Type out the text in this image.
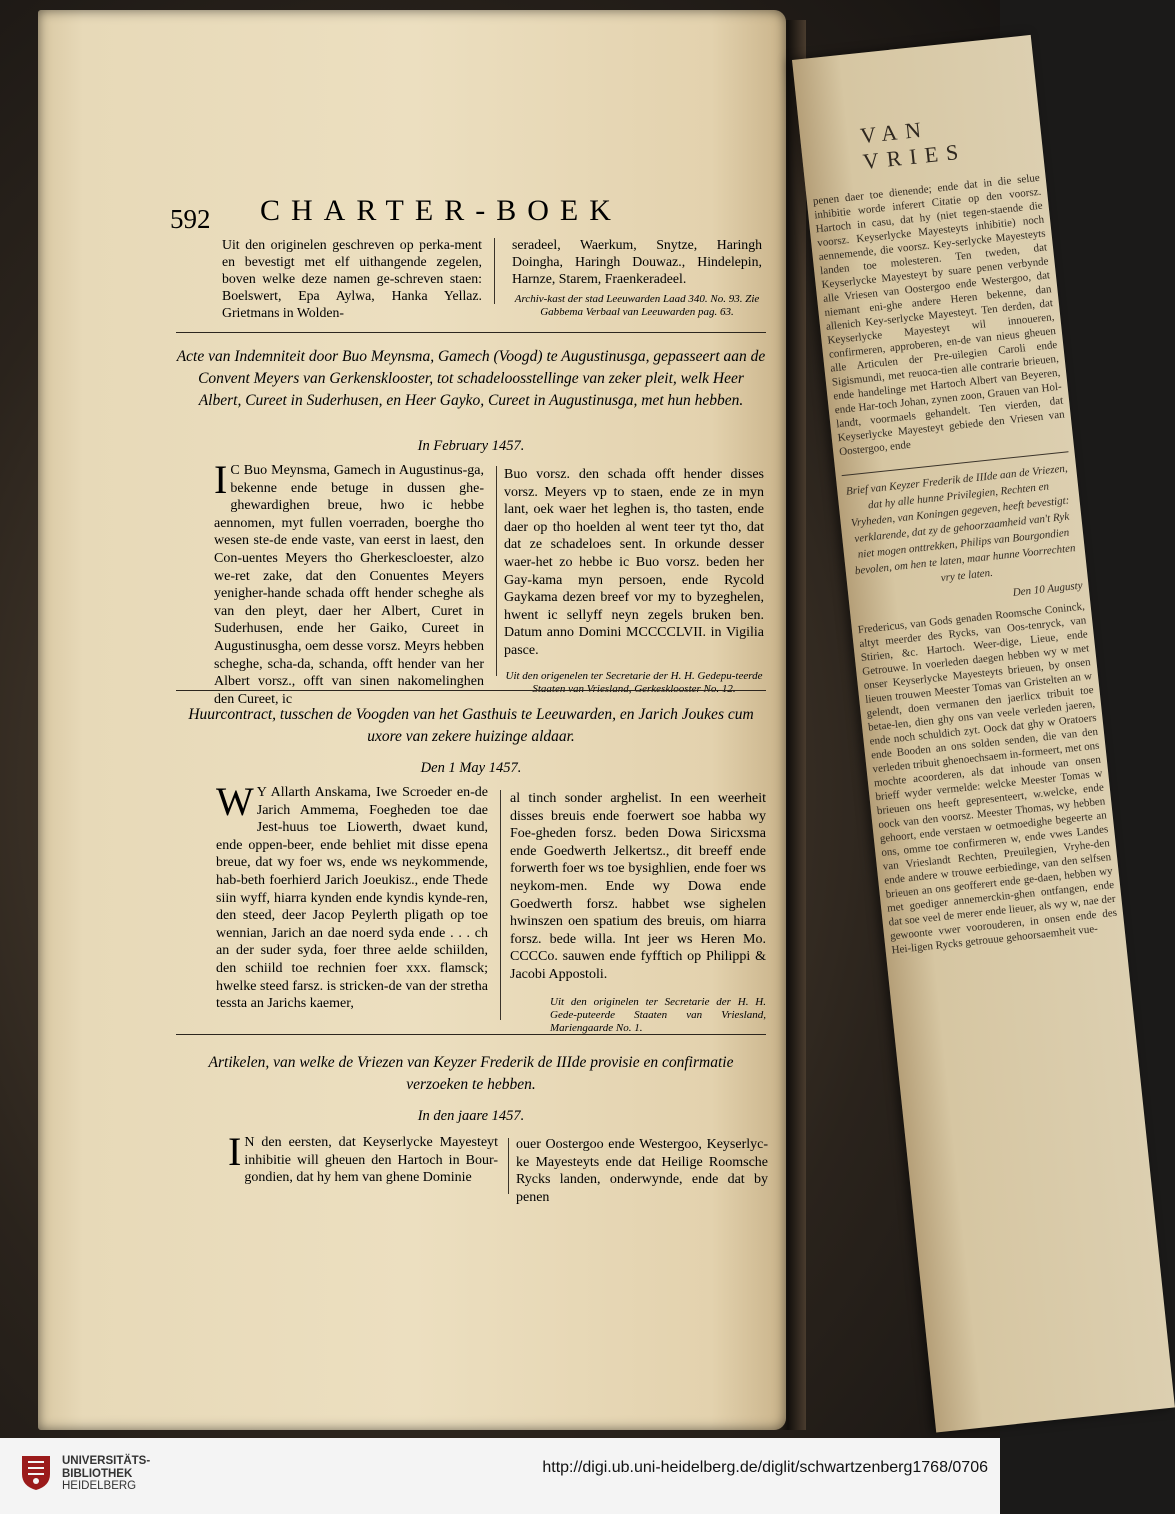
592 CHARTER-BOEK
Uit den originelen geschreven op perka-ment en bevestigt met elf uithangende zegelen, boven welke deze namen ge-schreven staen: Boelswert, Epa Aylwa, Hanka Yellaz. Grietmans in Wolden-
seradeel, Waerkum, Snytze, Haringh Doingha, Haringh Douwaz., Hindelepin, Harnze, Starem, Fraenkeradeel.
Archiv-kast der stad Leeuwarden Laad 340. No. 93. Zie Gabbema Verbaal van Leeuwarden pag. 63.
Acte van Indemniteit door Buo Meynsma, Gamech (Voogd) te Augustinusga, gepasseert aan de Convent Meyers van Gerkensklooster, tot schadeloosstellinge van zeker pleit, welk Heer Albert, Cureet in Suderhusen, en Heer Gayko, Cureet in Augustinusga, met hun hebben.
In February 1457.
I C Buo Meynsma, Gamech in Augustinus-ga, bekenne ende betuge in dussen ghe-ghewardighen breue, hwo ic hebbe aennomen, myt fullen voerraden, boerghe tho wesen ste-de ende vaste, van eerst in laest, den Con-uentes Meyers tho Gherkescloester, alzo we-ret zake, dat den Conuentes Meyers yenigher-hande schada offt hender scheghe als van den pleyt, daer her Albert, Curet in Suderhusen, ende her Gaiko, Cureet in Augustinusgha, oem desse vorsz. Meyrs hebben scheghe, scha-da, schanda, offt hender van her Albert vorsz., offt van sinen nakomelinghen den Cureet, ic
Buo vorsz. den schada offt hender disses vorsz. Meyers vp to staen, ende ze in myn lant, oek waer het leghen is, tho tasten, ende daer op tho hoelden al went teer tyt tho, dat dat ze schadeloes sent. In orkunde desser waer-het zo hebbe ic Buo vorsz. beden her Gay-kama myn persoen, ende Rycold Gaykama dezen breef vor my to byzeghelen, hwent ic sellyff neyn zegels bruken ben. Datum anno Domini MCCCCLVII. in Vigilia pasce.
Uit den origenelen ter Secretarie der H. H. Gedepu-teerde Staaten van Vriesland, Gerkesklooster No. 12.
Huurcontract, tusschen de Voogden van het Gasthuis te Leeuwarden, en Jarich Joukes cum uxore van zekere huizinge aldaar.
Den 1 May 1457.
W Y Allarth Anskama, Iwe Scroeder en-de Jarich Ammema, Foegheden toe dae Jest-huus toe Liowerth, dwaet kund, ende oppen-beer, ende behliet mit disse epena breue, dat wy foer ws, ende ws neykommende, hab-beth foerhierd Jarich Joeukisz., ende Thede siin wyff, hiarra kynden ende kyndis kynde-ren, den steed, deer Jacop Peylerth pligath op toe wennian, Jarich an dae noerd syda ende . . . ch an der suder syda, foer three aelde schiilden, den schiild toe rechnien foer xxx. flamsck; hwelke steed farsz. is stricken-de van der stretha tessta an Jarichs kaemer,
al tinch sonder arghelist. In een weerheit disses breuis ende foerwert soe habba wy Foe-gheden forsz. beden Dowa Siricxsma ende Goedwerth Jelkertsz., dit breeff ende forwerth foer ws toe bysighlien, ende foer ws neykom-men. Ende wy Dowa ende Goedwerth forsz. habbet wse sighelen hwinszen oen spatium des breuis, om hiarra forsz. bede willa. Int jeer ws Heren Mo. CCCCo. sauwen ende fyfftich op Philippi & Jacobi Appostoli.
Uit den originelen ter Secretarie der H. H. Gede-puteerde Staaten van Vriesland, Mariengaarde No. 1.
Artikelen, van welke de Vriezen van Keyzer Frederik de IIIde provisie en confirmatie verzoeken te hebben.
In den jaare 1457.
I N den eersten, dat Keyserlycke Mayesteyt inhibitie will gheuen den Hartoch in Bour-gondien, dat hy hem van ghene Dominie
ouer Oostergoo ende Westergoo, Keyserlyc-ke Mayesteyts ende dat Heilige Roomsche Rycks landen, onderwynde, ende dat by penen
VAN VRIES
penen daer toe dienende; ende dat in die selue inhibitie worde inferert Citatie op den voorsz. Hartoch in casu, dat hy (niet tegen-staende die voorsz. Keyserlycke Mayesteyts inhibitie) noch aennemende, die voorsz. Key-serlycke Mayesteyts landen toe molesteren. Ten tweden, dat Keyserlycke Mayesteyt by suare penen verbynde alle Vriesen van Oostergoo ende Westergoo, dat niemant eni-ghe andere Heren bekenne, dan allenich Key-serlycke Mayesteyt. Ten derden, dat Keyserlycke Mayesteyt wil innoueren, confirmeren, approberen, en-de van nieus gheuen alle Articulen der Pre-uilegien Caroli ende Sigismundi, met reuoca-tien alle contrarie brieuen, ende handelinge met Hartoch Albert van Beyeren, ende Har-toch Johan, zynen zoon, Grauen van Hol-landt, voormaels gehandelt. Ten vierden, dat Keyserlycke Mayesteyt gebiede den Vriesen van Oostergoo, ende
Brief van Keyzer Frederik de IIIde aan de Vriezen, dat hy alle hunne Privilegien, Rechten en Vryheden, van Koningen gegeven, heeft bevestigt: verklarende, dat zy de gehoorzaamheid van't Ryk niet mogen onttrekken, Philips van Bourgondien bevolen, om hen te laten, maar hunne Voorrechten vry te laten.
Den 10 Augusty
Fredericus, van Gods genaden Roomsche Coninck, altyt meerder des Rycks, van Oos-tenryck, van Stirien, &c. Hartoch. Weer-dige, Lieue, ende Getrouwe. In voerleden daegen hebben wy w met onser Keyserlycke Mayesteyts brieuen, by onsen lieuen trouwen Meester Tomas van Gristelten an w gelendt, doen vermanen den jaerlicx tribuit toe betae-len, dien ghy ons van veele verleden jaeren, ende noch schuldich zyt. Oock dat ghy w Oratoers ende Booden an ons solden senden, die van den verleden tribuit ghenoechsaem in-formeert, met ons mochte acoorderen, als dat inhoude van onsen brieff wyder vermelde: welcke Meester Tomas w brieuen ons heeft gepresenteert, w.welcke, ende oock van den voorsz. Meester Thomas, wy hebben gehoort, ende verstaen w oetmoedighe begeerte an ons, omme toe confirmeren w, ende vwes Landes van Vrieslandt Rechten, Preuilegien, Vryhe-den ende andere w trouwe eerbiedinge, van den selfsen brieuen an ons geofferert ende ge-daen, hebben wy met goediger annemerckin-ghen ontfangen, ende dat soe veel de merer ende lieuer, als wy w, nae der gewoonte vwer voorouderen, in onsen ende des Hei-ligen Rycks getrouue gehoorsaemheit vue-
UNIVERSITÄTS-
BIBLIOTHEK
HEIDELBERG
http://digi.ub.uni-heidelberg.de/diglit/schwartzenberg1768/0706
